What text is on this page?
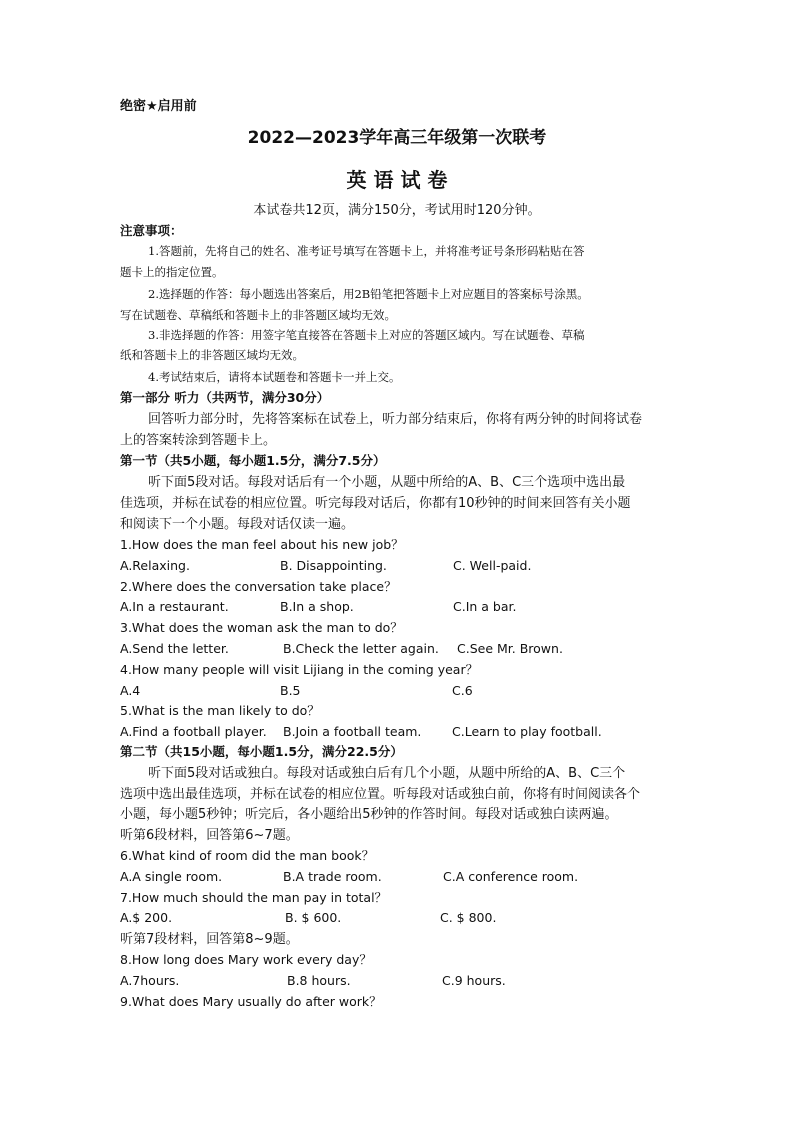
绝密★启用前
2022—2023学年高三年级第一次联考
英 语 试 卷
本试卷共12页，满分150分，考试用时120分钟。
注意事项：
1.答题前，先将自己的姓名、准考证号填写在答题卡上，并将准考证号条形码粘贴在答
题卡上的指定位置。
2.选择题的作答：每小题选出答案后，用2B铅笔把答题卡上对应题目的答案标号涂黑。
写在试题卷、草稿纸和答题卡上的非答题区域均无效。
3.非选择题的作答：用签字笔直接答在答题卡上对应的答题区域内。写在试题卷、草稿
纸和答题卡上的非答题区域均无效。
4.考试结束后，请将本试题卷和答题卡一并上交。
第一部分 听力（共两节，满分30分）
回答听力部分时，先将答案标在试卷上，听力部分结束后，你将有两分钟的时间将试卷
上的答案转涂到答题卡上。
第一节（共5小题，每小题1.5分，满分7.5分）
听下面5段对话。每段对话后有一个小题，从题中所给的A、B、C三个选项中选出最
佳选项，并标在试卷的相应位置。听完每段对话后，你都有10秒钟的时间来回答有关小题
和阅读下一个小题。每段对话仅读一遍。
1.How does the man feel about his new job？
A.Relaxing.	B. Disappointing.	C. Well-paid.
2.Where does the conversation take place？
A.In a restaurant.	B.In a shop.	C.In a bar.
3.What does the woman ask the man to do？
A.Send the letter.	B.Check the letter again. C.See Mr. Brown.
4.How many people will visit Lijiang in the coming year？
A.4	B.5	C.6
5.What is the man likely to do？
A.Find a football player. B.Join a football team. C.Learn to play football.
第二节（共15小题，每小题1.5分，满分22.5分）
听下面5段对话或独白。每段对话或独白后有几个小题，从题中所给的A、B、C三个
选项中选出最佳选项，并标在试卷的相应位置。听每段对话或独白前，你将有时间阅读各个
小题，每小题5秒钟；听完后，各小题给出5秒钟的作答时间。每段对话或独白读两遍。
听第6段材料，回答第6~7题。
6.What kind of room did the man book？
A.A single room.	B.A trade room.	C.A conference room.
7.How much should the man pay in total？
A.$ 200.	B. $ 600.	C. $ 800.
听第7段材料，回答第8~9题。
8.How long does Mary work every day？
A.7hours.	B.8 hours.	C.9 hours.
9.What does Mary usually do after work？
